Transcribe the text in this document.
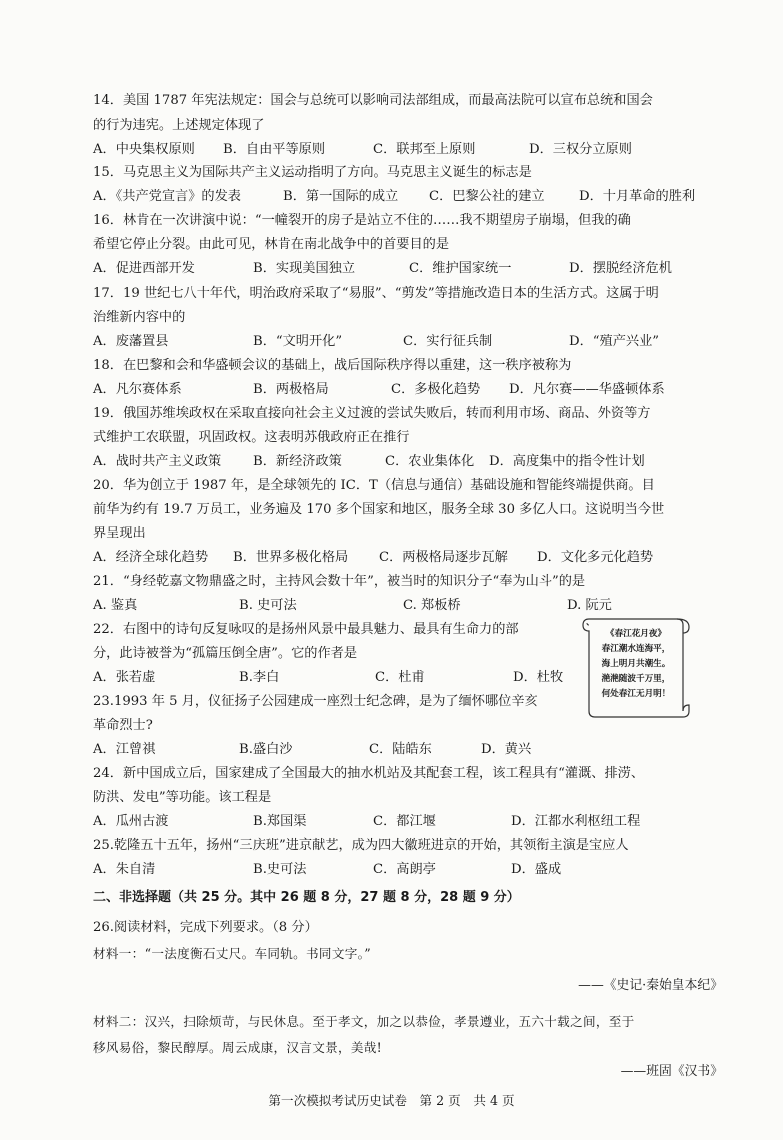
14．美国 1787 年宪法规定：国会与总统可以影响司法部组成，而最高法院可以宣布总统和国会
的行为违宪。上述规定体现了
A．中央集权原则	B．自由平等原则	C．联邦至上原则	D．三权分立原则
15．马克思主义为国际共产主义运动指明了方向。马克思主义诞生的标志是
A．《共产党宣言》的发表	B．第一国际的成立	C．巴黎公社的建立	D．十月革命的胜利
16．林肯在一次讲演中说：“一幢裂开的房子是站立不住的……我不期望房子崩塌，但我的确
希望它停止分裂。由此可见，林肯在南北战争中的首要目的是
A．促进西部开发	B．实现美国独立	C．维护国家统一	D．摆脱经济危机
17．19 世纪七八十年代，明治政府采取了“易服”、“剪发”等措施改造日本的生活方式。这属于明
治维新内容中的
A．废藩置县	B．“文明开化”	C．实行征兵制	D．“殖产兴业”
18．在巴黎和会和华盛顿会议的基础上，战后国际秩序得以重建，这一秩序被称为
A．凡尔赛体系	B．两极格局	C．多极化趋势	D．凡尔赛——华盛顿体系
19．俄国苏维埃政权在采取直接向社会主义过渡的尝试失败后，转而利用市场、商品、外资等方
式维护工农联盟，巩固政权。这表明苏俄政府正在推行
A．战时共产主义政策	B．新经济政策	C．农业集体化	D．高度集中的指令性计划
20．华为创立于 1987 年，是全球领先的 IC．T（信息与通信）基础设施和智能终端提供商。目
前华为约有 19.7 万员工，业务遍及 170 多个国家和地区，服务全球 30 多亿人口。这说明当今世
界呈现出
A．经济全球化趋势	B．世界多极化格局	C．两极格局逐步瓦解	D．文化多元化趋势
21．“身经乾嘉文物鼎盛之时，主持风会数十年”，被当时的知识分子“奉为山斗”的是
A. 鉴真	B. 史可法	C. 郑板桥	D. 阮元
22．右图中的诗句反复咏叹的是扬州风景中最具魅力、最具有生命力的部
分，此诗被誉为“孤篇压倒全唐”。它的作者是
A．张若虚	B.李白	C．杜甫	D．杜牧
《春江花月夜》
春江潮水连海平，
海上明月共潮生。
滟滟随波千万里，
何处春江无月明！
23.1993 年 5 月，仪征扬子公园建成一座烈士纪念碑，是为了缅怀哪位辛亥
革命烈士?
A．江曾祺	B.盛白沙	C．陆皓东	D．黄兴
24．新中国成立后，国家建成了全国最大的抽水机站及其配套工程，该工程具有“灌溉、排涝、
防洪、发电”等功能。该工程是
A．瓜州古渡	B.郑国渠	C．都江堰	D．江都水利枢纽工程
25.乾隆五十五年，扬州“三庆班”进京献艺，成为四大徽班进京的开始，其领衔主演是宝应人
A．朱自清	B.史可法	C．高朗亭	D．盛成
二、非选择题（共 25 分。其中 26 题 8 分，27 题 8 分，28 题 9 分）
26.阅读材料，完成下列要求。（8 分）
材料一：“一法度衡石丈尺。车同轨。书同文字。”
——《史记·秦始皇本纪》
材料二：汉兴，扫除烦苛，与民休息。至于孝文，加之以恭俭，孝景遵业，五六十载之间，至于
移风易俗，黎民醇厚。周云成康，汉言文景，美哉!
——班固《汉书》
第一次模拟考试历史试卷　第 2 页　共 4 页
